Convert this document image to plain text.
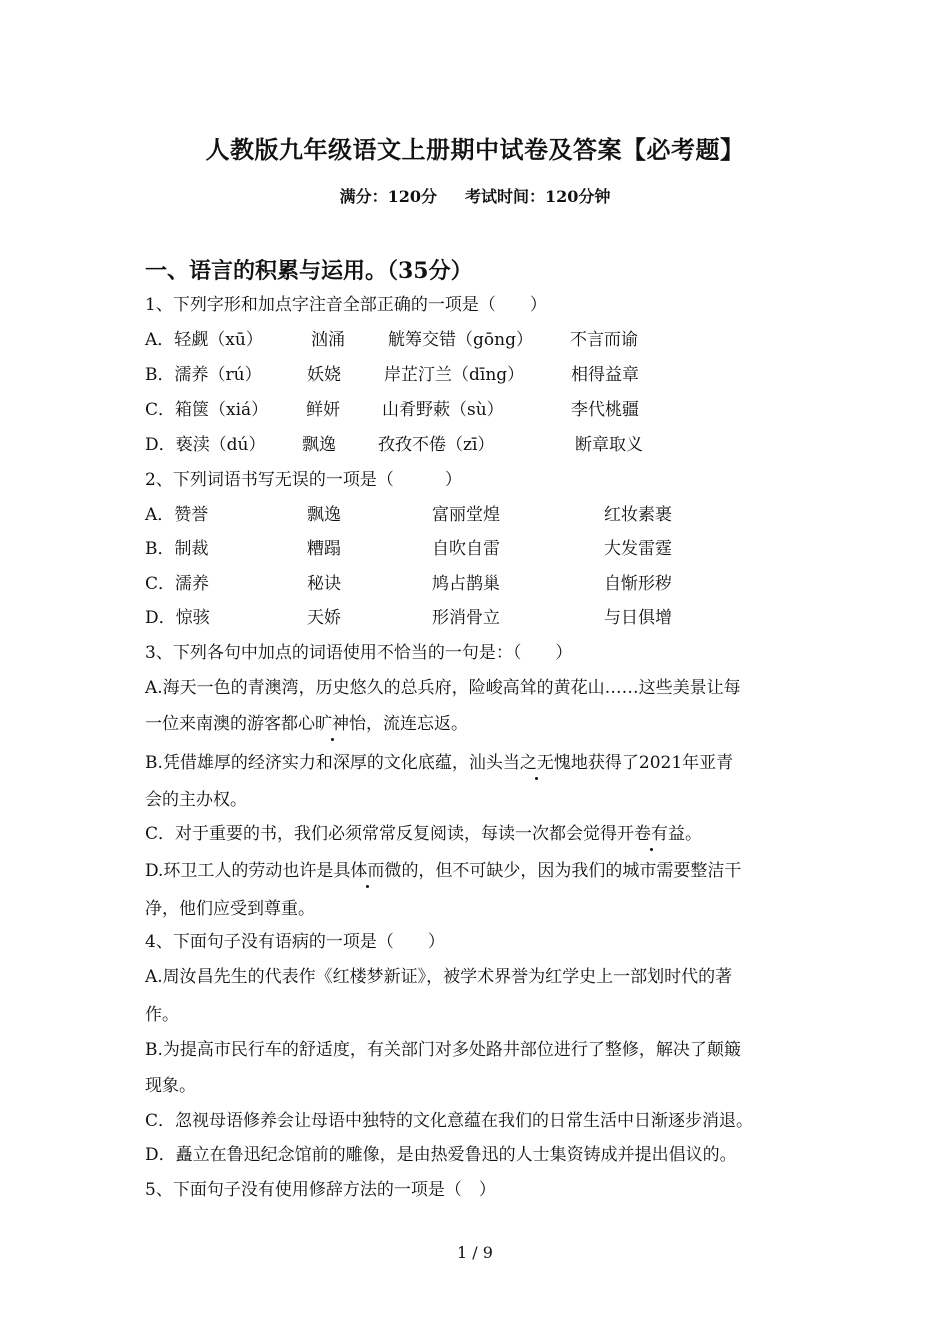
人教版九年级语文上册期中试卷及答案【必考题】
满分：120分 考试时间：120分钟
一、语言的积累与运用。（35分）
1、下列字形和加点字注音全部正确的一项是（　　）
A．轻觑（xū）	汹涌	觥筹交错（gōng） 不言而谕
B．濡养（rú）	妖娆	岸芷汀兰（dīng）	相得益章
C．箱箧（xiá） 鲜妍 山肴野蔌（sù）	李代桃疆
D．亵渎（dú） 飘逸 孜孜不倦（zī）	断章取义
2、下列词语书写无误的一项是（　　　）
A．赞誉	飘逸	富丽堂煌	红妆素裹
B．制裁	糟蹋	自吹自雷	大发雷霆
C．濡养	秘诀	鸠占鹊巢	自惭形秽
D．惊骇	天娇	形消骨立	与日俱增
3、下列各句中加点的词语使用不恰当的一句是：（　　）
A.海天一色的青澳湾，历史悠久的总兵府，险峻高耸的黄花山……这些美景让每
一位来南澳的游客都心旷神怡，流连忘返。
B.凭借雄厚的经济实力和深厚的文化底蕴，汕头当之无愧地获得了2021年亚青
会的主办权。
C．对于重要的书，我们必须常常反复阅读，每读一次都会觉得开卷有益。
D.环卫工人的劳动也许是具体而微的，但不可缺少，因为我们的城市需要整洁干
净，他们应受到尊重。
4、下面句子没有语病的一项是（　　）
A.周汝昌先生的代表作《红楼梦新证》，被学术界誉为红学史上一部划时代的著
作。
B.为提高市民行车的舒适度，有关部门对多处路井部位进行了整修，解决了颠簸
现象。
C．忽视母语修养会让母语中独特的文化意蕴在我们的日常生活中日渐逐步消退。
D．矗立在鲁迅纪念馆前的雕像，是由热爱鲁迅的人士集资铸成并提出倡议的。
5、下面句子没有使用修辞方法的一项是（　）
1 / 9
